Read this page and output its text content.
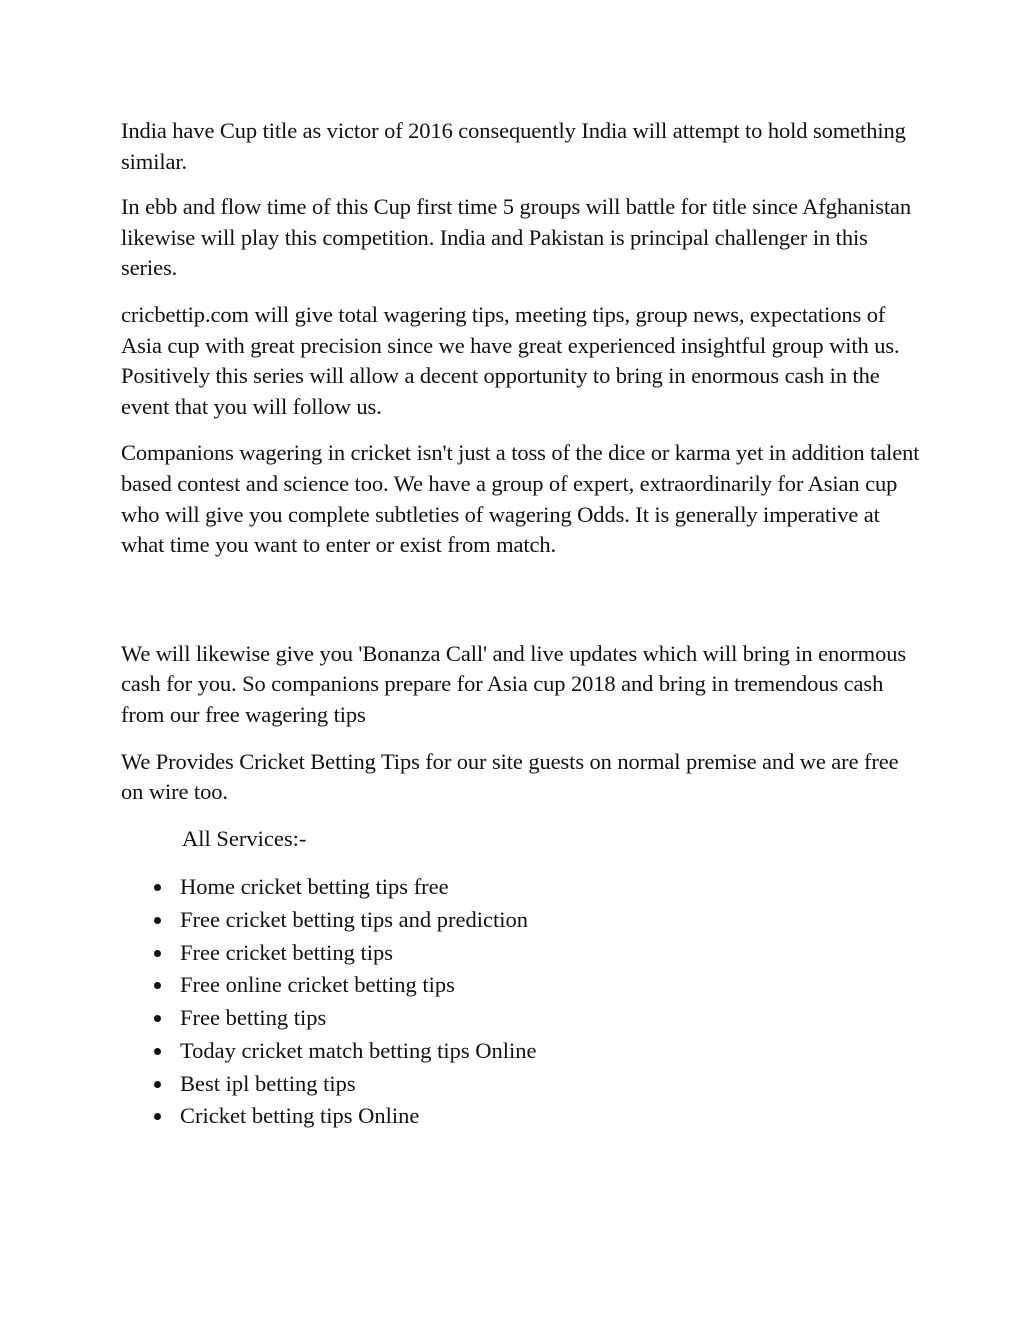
India have Cup title as victor of 2016 consequently India will attempt to hold something similar.

In ebb and flow time of this Cup first time 5 groups will battle for title since Afghanistan likewise will play this competition. India and Pakistan is principal challenger in this series.

cricbettip.com will give total wagering tips, meeting tips, group news, expectations of Asia cup with great precision since we have great experienced insightful group with us. Positively this series will allow a decent opportunity to bring in enormous cash in the event that you will follow us.

Companions wagering in cricket isn't just a toss of the dice or karma yet in addition talent based contest and science too. We have a group of expert, extraordinarily for Asian cup who will give you complete subtleties of wagering Odds. It is generally imperative at what time you want to enter or exist from match.

We will likewise give you 'Bonanza Call' and live updates which will bring in enormous cash for you. So companions prepare for Asia cup 2018 and bring in tremendous cash from our free wagering tips

We Provides Cricket Betting Tips for our site guests on normal premise and we are free on wire too.

All Services:-

Home cricket betting tips free
Free cricket betting tips and prediction
Free cricket betting tips
Free online cricket betting tips
Free betting tips
Today cricket match betting tips Online
Best ipl betting tips
Cricket betting tips Online
